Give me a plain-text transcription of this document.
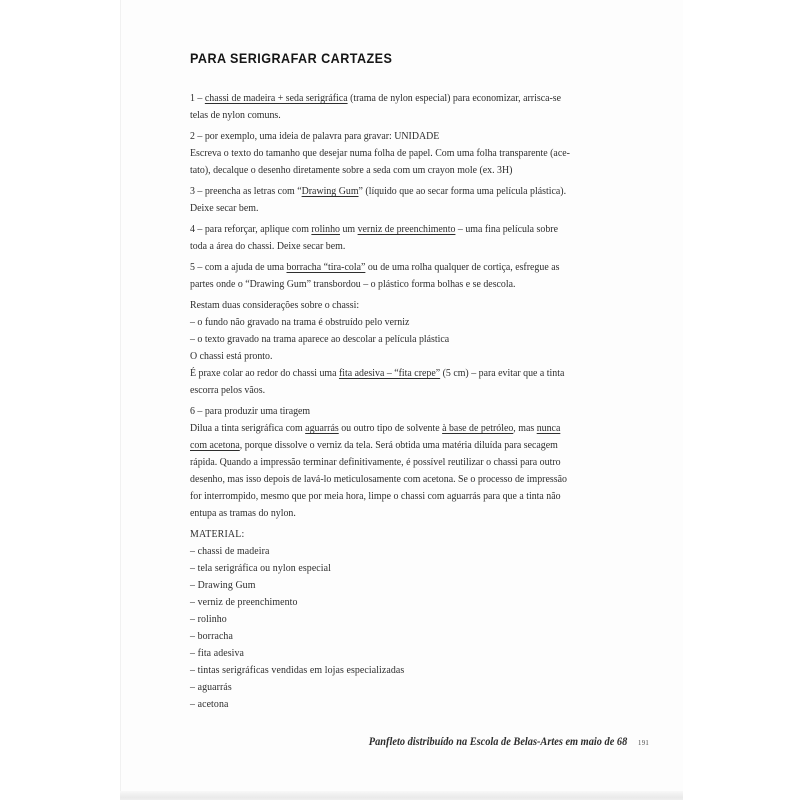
PARA SERIGRAFAR CARTAZES
1 – chassi de madeira + seda serigráfica (trama de nylon especial) para economizar, arrisca-se
telas de nylon comuns.
2 – por exemplo, uma ideia de palavra para gravar: UNIDADE
Escreva o texto do tamanho que desejar numa folha de papel. Com uma folha transparente (ace-
tato), decalque o desenho diretamente sobre a seda com um crayon mole (ex. 3H)
3 – preencha as letras com “Drawing Gum” (líquido que ao secar forma uma película plástica).
Deixe secar bem.
4 – para reforçar, aplique com rolinho um verniz de preenchimento – uma fina película sobre
toda a área do chassi. Deixe secar bem.
5 – com a ajuda de uma borracha “tira-cola” ou de uma rolha qualquer de cortiça, esfregue as
partes onde o “Drawing Gum” transbordou – o plástico forma bolhas e se descola.
Restam duas considerações sobre o chassi:
– o fundo não gravado na trama é obstruído pelo verniz
– o texto gravado na trama aparece ao descolar a película plástica
O chassi está pronto.
É praxe colar ao redor do chassi uma fita adesiva – “fita crepe” (5 cm) – para evitar que a tinta
escorra pelos vãos.
6 – para produzir uma tiragem
Dilua a tinta serigráfica com aguarrás ou outro tipo de solvente à base de petróleo, mas nunca
com acetona, porque dissolve o verniz da tela. Será obtida uma matéria diluída para secagem
rápida. Quando a impressão terminar definitivamente, é possível reutilizar o chassi para outro
desenho, mas isso depois de lavá-lo meticulosamente com acetona. Se o processo de impressão
for interrompido, mesmo que por meia hora, limpe o chassi com aguarrás para que a tinta não
entupa as tramas do nylon.
MATERIAL:
– chassi de madeira
– tela serigráfica ou nylon especial
– Drawing Gum
– verniz de preenchimento
– rolinho
– borracha
– fita adesiva
– tintas serigráficas vendidas em lojas especializadas
– aguarrás
– acetona
Panfleto distribuído na Escola de Belas-Artes em maio de 68 191
